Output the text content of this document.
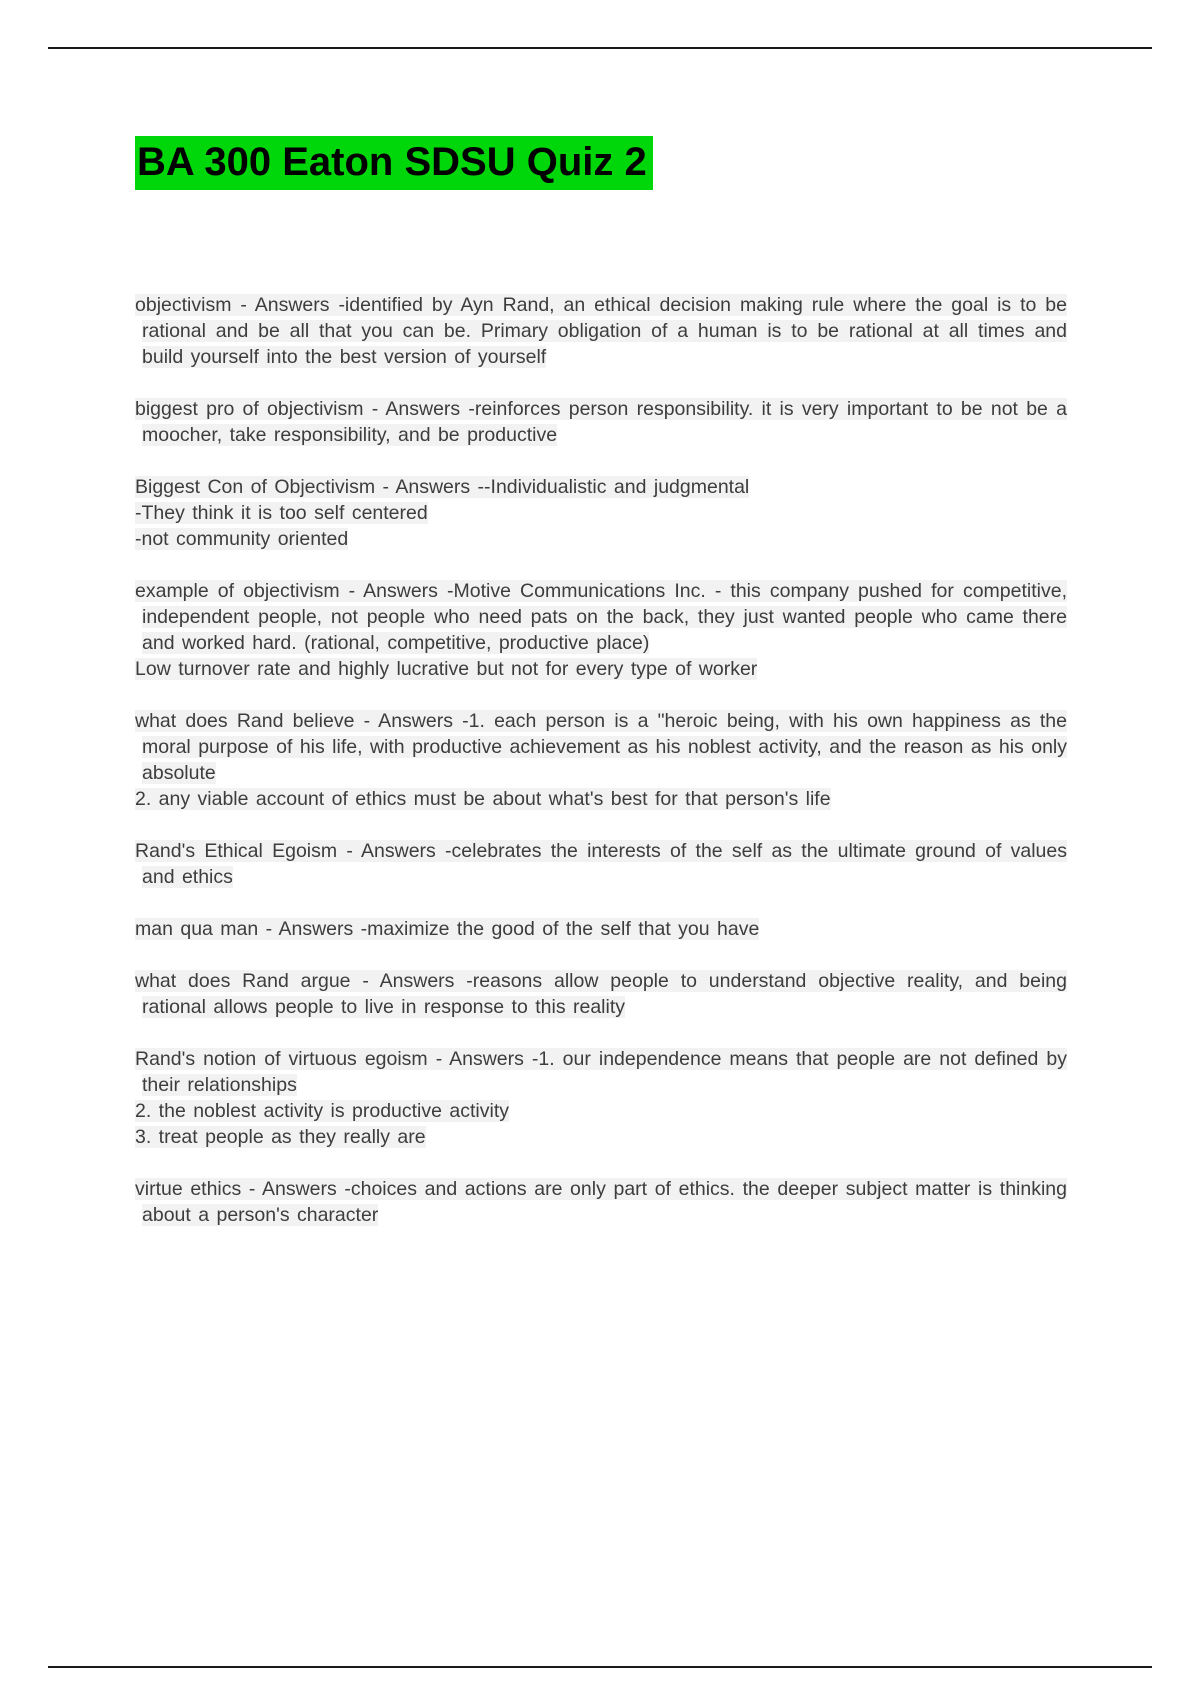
BA 300 Eaton SDSU Quiz 2
objectivism - Answers -identified by Ayn Rand, an ethical decision making rule where the goal is to be rational and be all that you can be. Primary obligation of a human is to be rational at all times and build yourself into the best version of yourself
biggest pro of objectivism - Answers -reinforces person responsibility. it is very important to be not be a moocher, take responsibility, and be productive
Biggest Con of Objectivism - Answers --Individualistic and judgmental
-They think it is too self centered
-not community oriented
example of objectivism - Answers -Motive Communications Inc. - this company pushed for competitive, independent people, not people who need pats on the back, they just wanted people who came there and worked hard. (rational, competitive, productive place)
Low turnover rate and highly lucrative but not for every type of worker
what does Rand believe - Answers -1. each person is a "heroic being, with his own happiness as the moral purpose of his life, with productive achievement as his noblest activity, and the reason as his only absolute
2. any viable account of ethics must be about what's best for that person's life
Rand's Ethical Egoism - Answers -celebrates the interests of the self as the ultimate ground of values and ethics
man qua man - Answers -maximize the good of the self that you have
what does Rand argue - Answers -reasons allow people to understand objective reality, and being rational allows people to live in response to this reality
Rand's notion of virtuous egoism - Answers -1. our independence means that people are not defined by their relationships
2. the noblest activity is productive activity
3. treat people as they really are
virtue ethics - Answers -choices and actions are only part of ethics. the deeper subject matter is thinking about a person's character
